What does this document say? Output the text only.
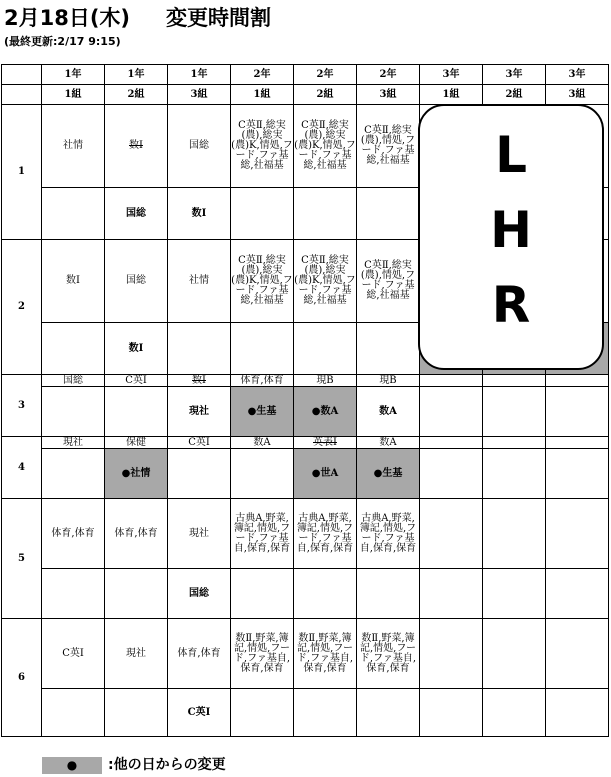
2月18日(木) 変更時間割
(最終更新:2/17 9:15)
	1年	1年	1年	2年	2年	2年	3年	3年	3年
	1組	2組	3組	1組	2組	3組	1組	2組	3組
1	社情	数Ⅰ	国総	C英Ⅱ,総実(農),総実(農)K,情処,フード,ファ基総,社福基	C英Ⅱ,総実(農),総実(農)K,情処,フード,ファ基総,社福基	C英Ⅱ,総実(農),情処,フード,ファ基総,社福基			
		国総	数Ⅰ						
2	数Ⅰ	国総	社情	C英Ⅱ,総実(農),総実(農)K,情処,フード,ファ基総,社福基	C英Ⅱ,総実(農),総実(農)K,情処,フード,ファ基総,社福基	C英Ⅱ,総実(農),情処,フード,ファ基総,社福基			
		数Ⅰ							
3	国総	C英Ⅰ	数Ⅰ	体育,体育	現B	現B			
			現社	●生基	●数A	数A			
4	現社	保健	C英Ⅰ	数A	英表Ⅰ	数A			
		●社情			●世A	●生基			
5	体育,体育	体育,体育	現社	古典A,野菜,簿記,情処,フード,ファ基自,保育,保育	古典A,野菜,簿記,情処,フード,ファ基自,保育,保育	古典A,野菜,簿記,情処,フード,ファ基自,保育,保育			
			国総						
6	C英Ⅰ	現社	体育,体育	数Ⅱ,野菜,簿記,情処,フード,ファ基自,保育,保育	数Ⅱ,野菜,簿記,情処,フード,ファ基自,保育,保育	数Ⅱ,野菜,簿記,情処,フード,ファ基自,保育,保育			
			C英Ⅰ						
L
H
R
●	:他の日からの変更
